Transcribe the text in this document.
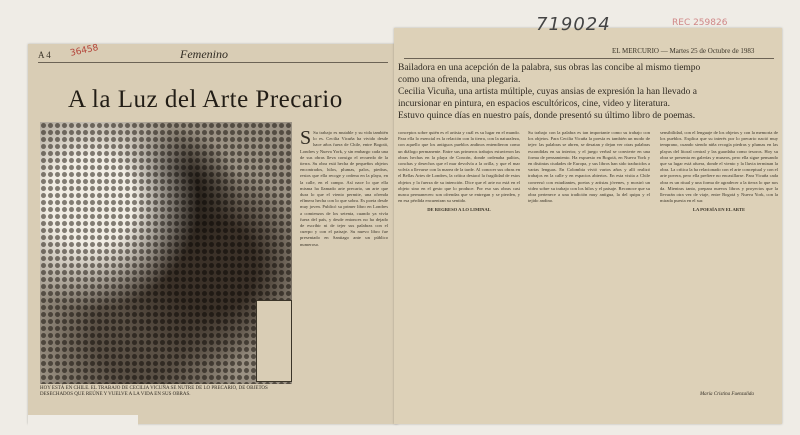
36458
719024	REC 259826
A 4	Femenino	EL MERCURIO — Martes 25 de Octubre de 1983
A la Luz del Arte Precario

Bailadora en una acepción de la palabra, sus obras las concibe al mismo tiempo

como una ofrenda, una plegaria.

Cecilia Vicuña, una artista múltiple, cuyas ansias de expresión la han llevado a

incursionar en pintura, en espacios escultóricos, cine, video y literatura.

Estuvo quince días en nuestro país, donde presentó su último libro de poemas.

HOY ESTÁ EN CHILE. EL TRABAJO DE CECILIA VICUÑA SE NUTRE DE LO PRECARIO, DE OBJETOS DESECHADOS QUE REÚNE Y VUELVE A LA VIDA EN SUS OBRAS.
S Su trabajo es mutable y su vida también lo es. Cecilia Vicuña ha vivido desde hace años fuera de Chile, entre Bogotá, Londres y Nueva York, y sin embargo cada una de sus obras lleva consigo el recuerdo de la tierra. Su obra está hecha de pequeños objetos encontrados, hilos, plumas, palos, piedras, restos que ella recoge y ordena en la playa, en la calle, en el campo. Así nace lo que ella misma ha llamado arte precario, un arte que dura lo que el viento permite, una ofrenda efímera hecha con lo que sobra. Es poeta desde muy joven. Publicó su primer libro en Londres a comienzos de los setenta, cuando ya vivía fuera del país, y desde entonces no ha dejado de escribir ni de tejer sus palabras con el cuerpo y con el paisaje. Su nuevo libro fue presentado en Santiago ante un público numeroso.
conceptos sobre quién es el artista y cuál es su lugar en el mundo. Para ella lo esencial es la relación con la tierra, con la naturaleza, con aquello que los antiguos pueblos andinos entendieron como un diálogo permanente. Entre sus primeros trabajos estuvieron las obras hechas en la playa de Concón, donde ordenaba palitos, conchas y desechos que el mar devolvía a la orilla, y que el mar volvía a llevarse con la marea de la tarde. Al conocer sus obras en el Bellas Artes de Londres, la crítica destacó la fragilidad de estos objetos y la fuerza de su intención. Dice que el arte no está en el objeto sino en el gesto que lo produce. Por eso sus obras casi nunca permanecen: son ofrendas que se entregan y se pierden, y en esa pérdida encuentran su sentido.
DE REGRESO A LO LIMINAL
Su trabajo con la palabra es tan importante como su trabajo con los objetos. Para Cecilia Vicuña la poesía es también un modo de tejer: las palabras se abren, se desatan y dejan ver otras palabras escondidas en su interior, y el juego verbal se convierte en una forma de pensamiento. Ha expuesto en Bogotá, en Nueva York y en distintas ciudades de Europa, y sus libros han sido traducidos a varias lenguas. En Colombia vivió varios años y allí realizó trabajos en la calle y en espacios abiertos. En esta visita a Chile conversó con estudiantes, poetas y artistas jóvenes, y mostró un video sobre su trabajo con los hilos y el paisaje. Reconoce que su obra pertenece a una tradición muy antigua, la del quipu y el tejido andino.
sensibilidad, con el lenguaje de los objetos y con la memoria de los pueblos. Explica que su interés por lo precario nació muy temprano, cuando siendo niña recogía piedras y plumas en las playas del litoral central y las guardaba como tesoros. Hoy su obra se presenta en galerías y museos, pero ella sigue pensando que su lugar está afuera, donde el viento y la lluvia terminan la obra. La crítica la ha relacionado con el arte conceptual y con el arte povera, pero ella prefiere no encasillarse. Para Vicuña cada obra es un ritual y una forma de agradecer a la tierra lo que nos da. Mientras tanto, prepara nuevos libros y proyectos que la llevarán otra vez de viaje, entre Bogotá y Nueva York, con la mirada puesta en el sur.
LA POESÍA EN EL ARTE
María Cristina Fuenzalida
